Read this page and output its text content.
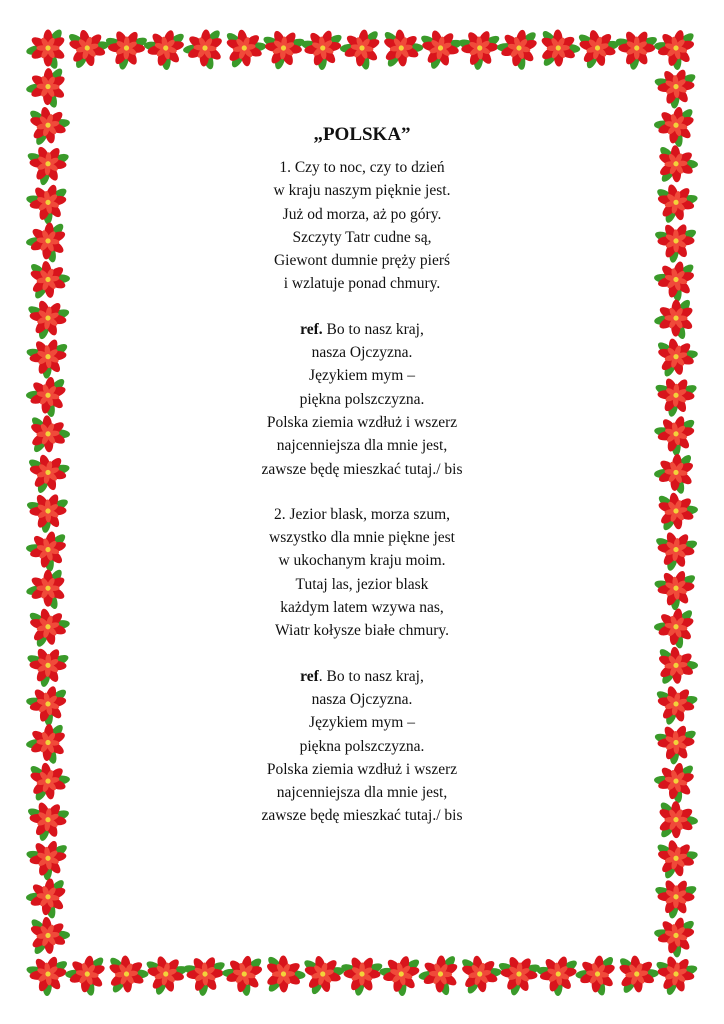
„POLSKA”
1. Czy to noc, czy to dzień
w kraju naszym pięknie jest.
Już od morza, aż po góry.
Szczyty Tatr cudne są,
Giewont dumnie pręży pierś
i wzlatuje ponad chmury.
ref. Bo to nasz kraj,
nasza Ojczyzna.
Językiem mym –
piękna polszczyzna.
Polska ziemia wzdłuż i wszerz
najcenniejsza dla mnie jest,
zawsze będę mieszkać tutaj./ bis
2. Jezior blask, morza szum,
wszystko dla mnie piękne jest
w ukochanym kraju moim.
Tutaj las, jezior blask
każdym latem wzywa nas,
Wiatr kołysze białe chmury.
ref. Bo to nasz kraj,
nasza Ojczyzna.
Językiem mym –
piękna polszczyzna.
Polska ziemia wzdłuż i wszerz
najcenniejsza dla mnie jest,
zawsze będę mieszkać tutaj./ bis
